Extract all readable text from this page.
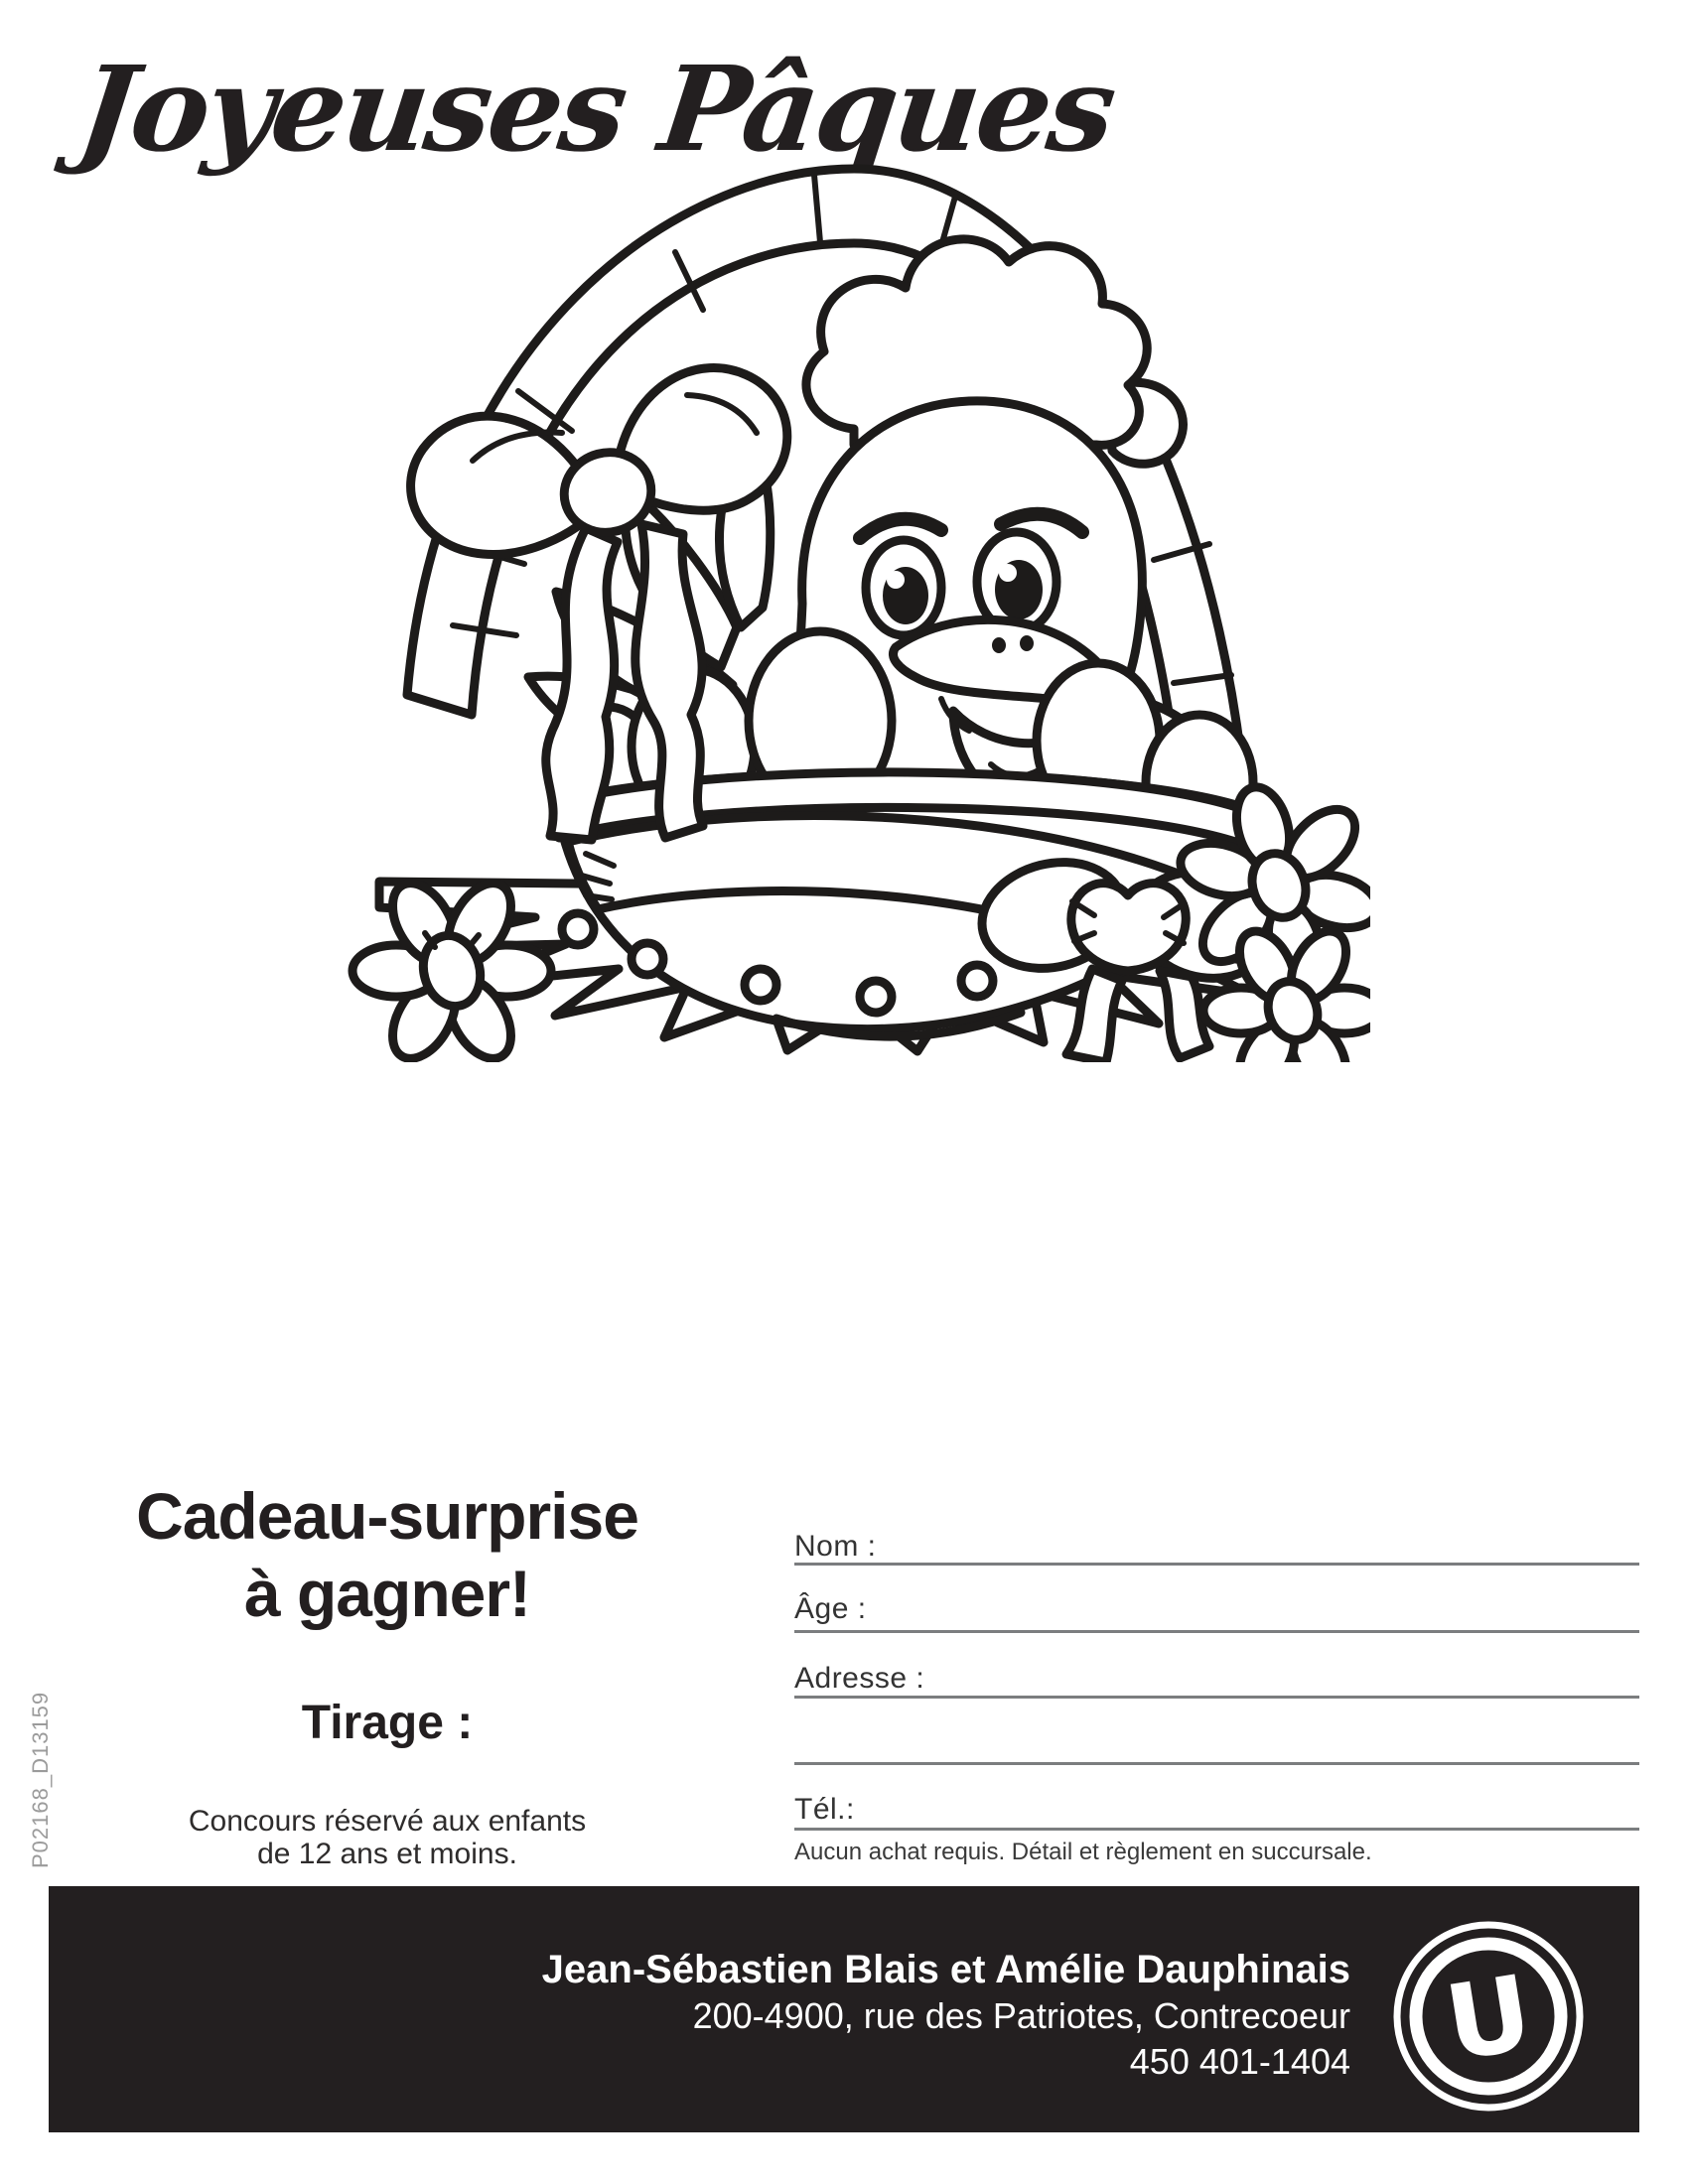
Joyeuses Pâques
Cadeau-surprise
à gagner!
Tirage :
Concours réservé aux enfants
de 12 ans et moins.
P02168_D13159
Nom :
Âge :
Adresse :
Tél.:
Aucun achat requis. Détail et règlement en succursale.
Jean-Sébastien Blais et Amélie Dauphinais
200-4900, rue des Patriotes, Contrecoeur
450 401-1404 U
